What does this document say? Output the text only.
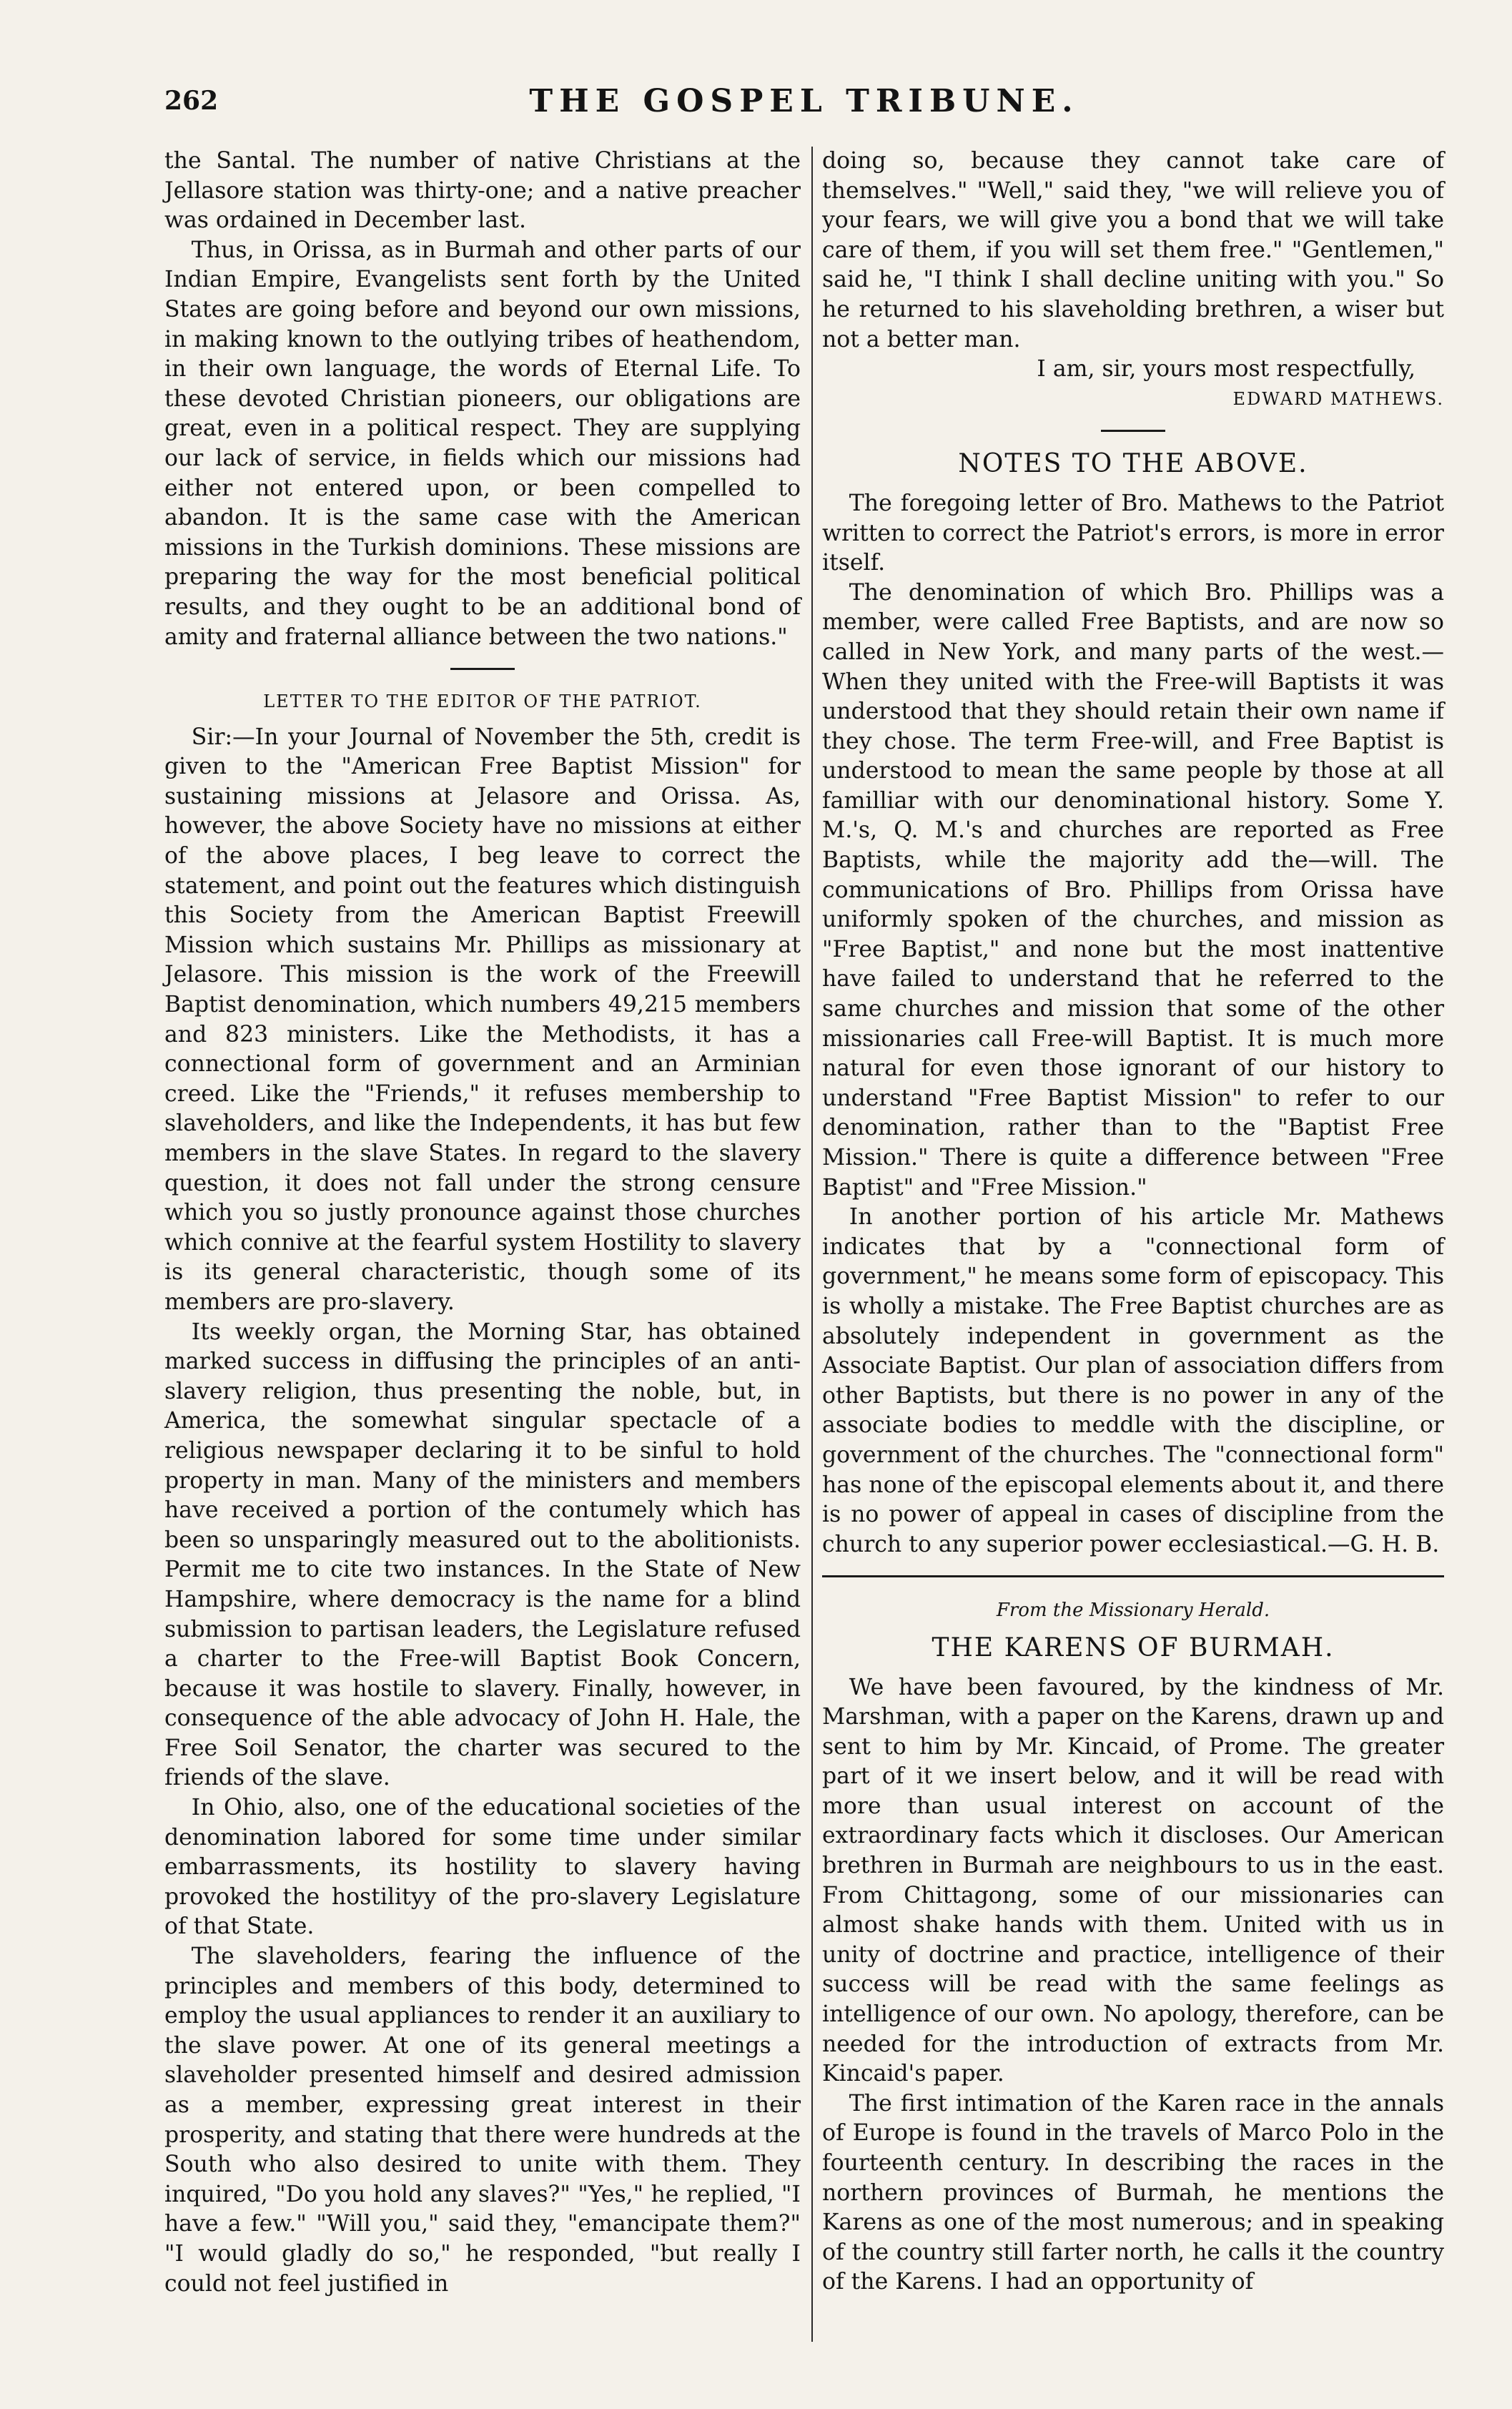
262	THE GOSPEL TRIBUNE.

the Santal. The number of native Christians at the Jellasore station was thirty-one; and a native preacher was ordained in December last.

Thus, in Orissa, as in Burmah and other parts of our Indian Empire, Evangelists sent forth by the United States are going before and beyond our own missions, in making known to the outlying tribes of heathendom, in their own language, the words of Eternal Life. To these devoted Christian pioneers, our obligations are great, even in a political respect. They are supplying our lack of service, in fields which our missions had either not entered upon, or been compelled to abandon. It is the same case with the American missions in the Turkish dominions. These missions are preparing the way for the most beneficial political results, and they ought to be an additional bond of amity and fraternal alliance between the two nations."

LETTER TO THE EDITOR OF THE PATRIOT.

Sir:—In your Journal of November the 5th, credit is given to the "American Free Baptist Mission" for sustaining missions at Jelasore and Orissa. As, however, the above Society have no missions at either of the above places, I beg leave to correct the statement, and point out the features which distinguish this Society from the American Baptist Freewill Mission which sustains Mr. Phillips as missionary at Jelasore. This mission is the work of the Freewill Baptist denomination, which numbers 49,215 members and 823 ministers. Like the Methodists, it has a connectional form of government and an Arminian creed. Like the "Friends," it refuses membership to slaveholders, and like the Independents, it has but few members in the slave States. In regard to the slavery question, it does not fall under the strong censure which you so justly pronounce against those churches which connive at the fearful system Hostility to slavery is its general characteristic, though some of its members are pro-slavery.

Its weekly organ, the Morning Star, has obtained marked success in diffusing the principles of an anti-slavery religion, thus presenting the noble, but, in America, the somewhat singular spectacle of a religious newspaper declaring it to be sinful to hold property in man. Many of the ministers and members have received a portion of the contumely which has been so unsparingly measured out to the abolitionists. Permit me to cite two instances. In the State of New Hampshire, where democracy is the name for a blind submission to partisan leaders, the Legislature refused a charter to the Free-will Baptist Book Concern, because it was hostile to slavery. Finally, however, in consequence of the able advocacy of John H. Hale, the Free Soil Senator, the charter was secured to the friends of the slave.

In Ohio, also, one of the educational societies of the denomination labored for some time under similar embarrassments, its hostility to slavery having provoked the hostilityy of the pro-slavery Legislature of that State.

The slaveholders, fearing the influence of the principles and members of this body, determined to employ the usual appliances to render it an auxiliary to the slave power. At one of its general meetings a slaveholder presented himself and desired admission as a member, expressing great interest in their prosperity, and stating that there were hundreds at the South who also desired to unite with them. They inquired, "Do you hold any slaves?" "Yes," he replied, "I have a few." "Will you," said they, "emancipate them?" "I would gladly do so," he responded, "but really I could not feel justified in

doing so, because they cannot take care of themselves." "Well," said they, "we will relieve you of your fears, we will give you a bond that we will take care of them, if you will set them free." "Gentlemen," said he, "I think I shall decline uniting with you." So he returned to his slaveholding brethren, a wiser but not a better man.

I am, sir, yours most respectfully,

EDWARD MATHEWS.

NOTES TO THE ABOVE.

The foregoing letter of Bro. Mathews to the Patriot written to correct the Patriot's errors, is more in error itself.

The denomination of which Bro. Phillips was a member, were called Free Baptists, and are now so called in New York, and many parts of the west.— When they united with the Free-will Baptists it was understood that they should retain their own name if they chose. The term Free-will, and Free Baptist is understood to mean the same people by those at all familliar with our denominational history. Some Y. M.'s, Q. M.'s and churches are reported as Free Baptists, while the majority add the—will. The communications of Bro. Phillips from Orissa have uniformly spoken of the churches, and mission as "Free Baptist," and none but the most inattentive have failed to understand that he referred to the same churches and mission that some of the other missionaries call Free-will Baptist. It is much more natural for even those ignorant of our history to understand "Free Baptist Mission" to refer to our denomination, rather than to the "Baptist Free Mission." There is quite a difference between "Free Baptist" and "Free Mission."

In another portion of his article Mr. Mathews indicates that by a "connectional form of government," he means some form of episcopacy. This is wholly a mistake. The Free Baptist churches are as absolutely independent in government as the Associate Baptist. Our plan of association differs from other Baptists, but there is no power in any of the associate bodies to meddle with the discipline, or government of the churches. The "connectional form" has none of the episcopal elements about it, and there is no power of appeal in cases of discipline from the church to any superior power ecclesiastical.—G. H. B.

From the Missionary Herald.
THE KARENS OF BURMAH.

We have been favoured, by the kindness of Mr. Marshman, with a paper on the Karens, drawn up and sent to him by Mr. Kincaid, of Prome. The greater part of it we insert below, and it will be read with more than usual interest on account of the extraordinary facts which it discloses. Our American brethren in Burmah are neighbours to us in the east. From Chittagong, some of our missionaries can almost shake hands with them. United with us in unity of doctrine and practice, intelligence of their success will be read with the same feelings as intelligence of our own. No apology, therefore, can be needed for the introduction of extracts from Mr. Kincaid's paper.

The first intimation of the Karen race in the annals of Europe is found in the travels of Marco Polo in the fourteenth century. In describing the races in the northern provinces of Burmah, he mentions the Karens as one of the most numerous; and in speaking of the country still farter north, he calls it the country of the Karens. I had an opportunity of
